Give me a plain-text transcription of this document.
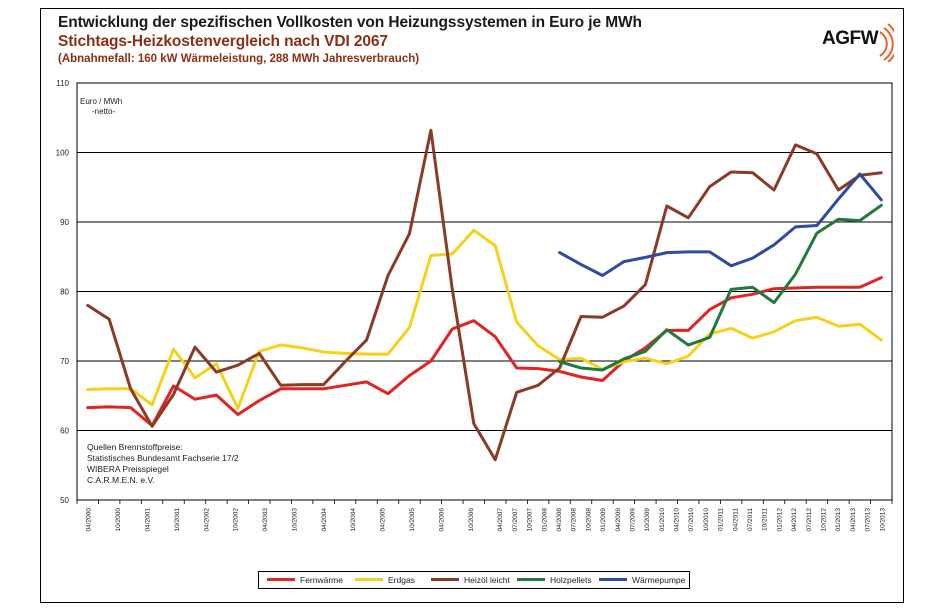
Entwicklung der spezifischen Vollkosten von Heizungssystemen in Euro je MWh
Stichtags-Heizkostenvergleich nach VDI 2067
(Abnahmefall: 160 kW Wärmeleistung, 288 MWh Jahresverbrauch)
AGFW
50
60
70
80
90
100
110
04/2000	10/2000	04/2001	10/2001	04/2002	10/2002	04/2003	10/2003	04/2004	10/2004	04/2005	10/2005	04/2006	10/2006	04/2007 07/2007 10/2007 01/2008 04/2008 07/2008 10/2008 01/2009 04/2009 07/2009 10/2009 01/2010 04/2010 07/2010 10/2010 01/2011 04/2011 07/2011 10/2011 01/2012 04/2012 07/2012 10/2012 01/2013 04/2013 07/2013 10/2013
Euro / MWh
-netto-
Quellen Brennstoffpreise:
Statistisches Bundesamt Fachserie 17/2
WIBERA Preisspiegel
C.A.R.M.E.N. e.V.
Fernwärme	Erdgas	Heizöl leicht	Holzpellets	Wärmepumpe
